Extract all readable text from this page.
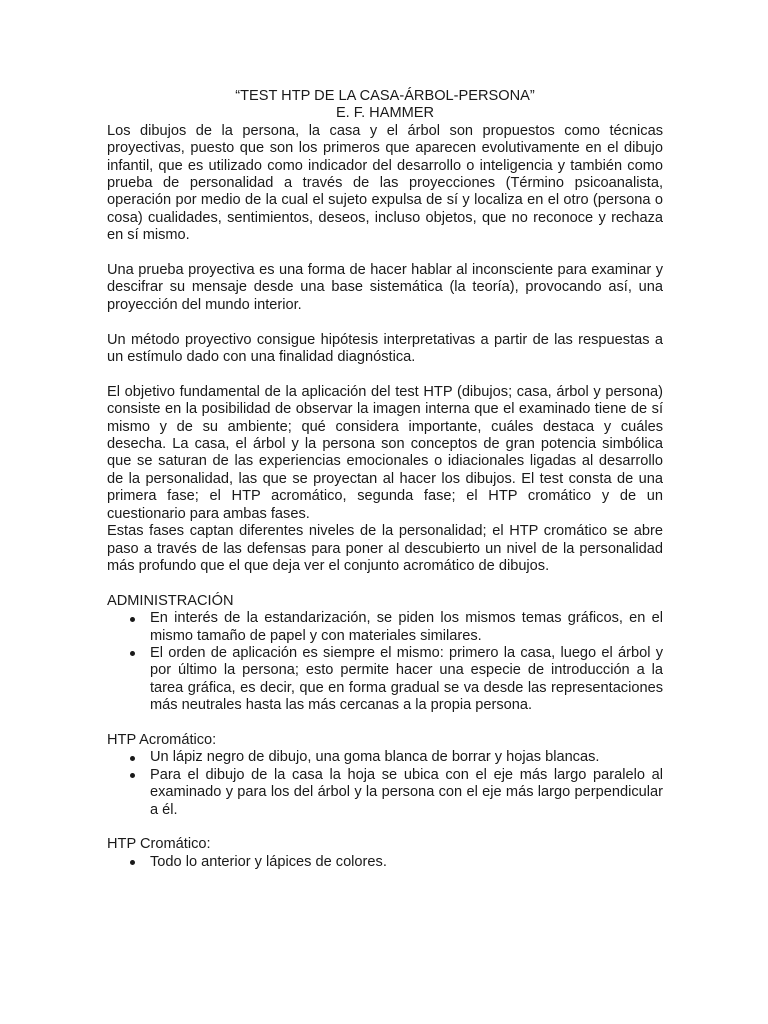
“TEST HTP DE LA CASA-ÁRBOL-PERSONA”
E. F. HAMMER

Los dibujos de la persona, la casa y el árbol son propuestos como técnicas proyectivas, puesto que son los primeros que aparecen evolutivamente en el dibujo infantil, que es utilizado como indicador del desarrollo o inteligencia y también como prueba de personalidad a través de las proyecciones (Término psicoanalista, operación por medio de la cual el sujeto expulsa de sí y localiza en el otro (persona o cosa) cualidades, sentimientos, deseos, incluso objetos, que no reconoce y rechaza en sí mismo.

Una prueba proyectiva es una forma de hacer hablar al inconsciente para examinar y descifrar su mensaje desde una base sistemática (la teoría), provocando así, una proyección del mundo interior.

Un método proyectivo consigue hipótesis interpretativas a partir de las respuestas a un estímulo dado con una finalidad diagnóstica.

El objetivo fundamental de la aplicación del test HTP (dibujos; casa, árbol y persona) consiste en la posibilidad de observar la imagen interna que el examinado tiene de sí mismo y de su ambiente; qué considera importante, cuáles destaca y cuáles desecha. La casa, el árbol y la persona son conceptos de gran potencia simbólica que se saturan de las experiencias emocionales o idiacionales ligadas al desarrollo de la personalidad, las que se proyectan al hacer los dibujos. El test consta de una primera fase; el HTP acromático, segunda fase; el HTP cromático y de un cuestionario para ambas fases.

Estas fases captan diferentes niveles de la personalidad; el HTP cromático se abre paso a través de las defensas para poner al descubierto un nivel de la personalidad más profundo que el que deja ver el conjunto acromático de dibujos.

ADMINISTRACIÓN
En interés de la estandarización, se piden los mismos temas gráficos, en el mismo tamaño de papel y con materiales similares.
El orden de aplicación es siempre el mismo: primero la casa, luego el árbol y por último la persona; esto permite hacer una especie de introducción a la tarea gráfica, es decir, que en forma gradual se va desde las representaciones más neutrales hasta las más cercanas a la propia persona.
HTP Acromático:
Un lápiz negro de dibujo, una goma blanca de borrar y hojas blancas.
Para el dibujo de la casa la hoja se ubica con el eje más largo paralelo al examinado y para los del árbol y la persona con el eje más largo perpendicular a él.
HTP Cromático:
Todo lo anterior y lápices de colores.
